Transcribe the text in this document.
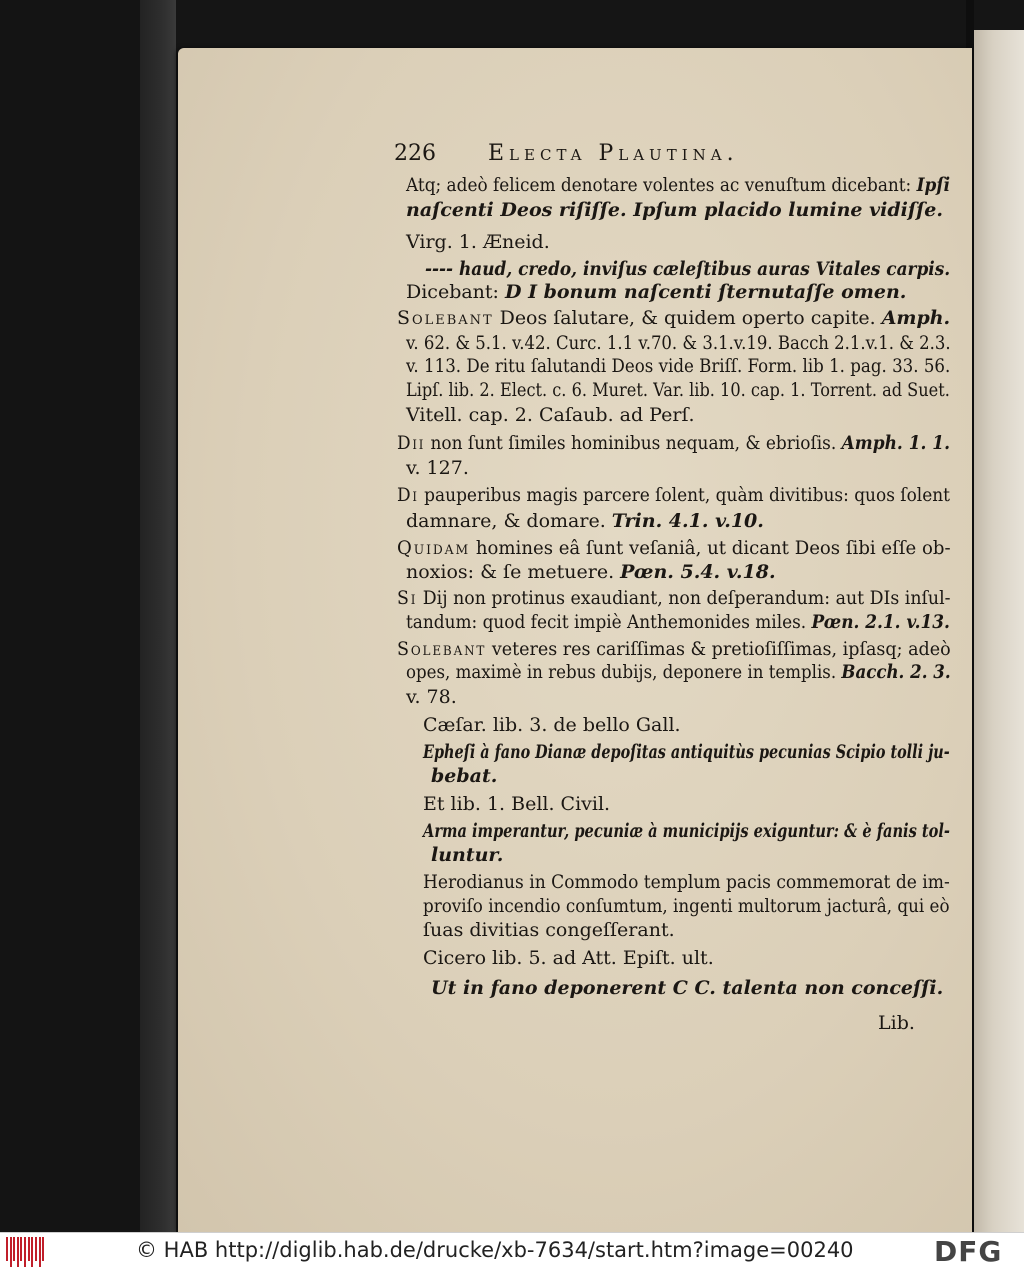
226 Electa Plautina.
Atq; adeò felicem denotare volentes ac venuſtum dicebant: Ipſi
naſcenti Deos riſiſſe. Ipſum placido lumine vidiſſe.
Virg. 1. Æneid.
---- haud, credo, inviſus cæleſtibus auras Vitales carpis.
Dicebant: D I bonum naſcenti ſternutaſſe omen.
Solebant Deos ſalutare, & quidem operto capite. Amph.
v. 62. & 5.1. v.42. Curc. 1.1 v.70. & 3.1.v.19. Bacch 2.1.v.1. & 2.3.
v. 113. De ritu ſalutandi Deos vide Briſſ. Form. lib 1. pag. 33. 56.
Lipſ. lib. 2. Elect. c. 6. Muret. Var. lib. 10. cap. 1. Torrent. ad Suet.
Vitell. cap. 2. Caſaub. ad Perſ.
Dii non ſunt ſimiles hominibus nequam, & ebrioſis. Amph. 1. 1.
v. 127.
Di pauperibus magis parcere ſolent, quàm divitibus: quos ſolent
damnare, & domare. Trin. 4.1. v.10.
Quidam homines eâ ſunt veſaniâ, ut dicant Deos ſibi eſſe ob-
noxios: & ſe metuere. Pœn. 5.4. v.18.
Si Dij non protinus exaudiant, non deſperandum: aut DIs inſul-
tandum: quod fecit impiè Anthemonides miles. Pœn. 2.1. v.13.
Solebant veteres res cariſſimas & pretioſiſſimas, ipſasq; adeò
opes, maximè in rebus dubijs, deponere in templis. Bacch. 2. 3.
v. 78.
Cæſar. lib. 3. de bello Gall.
Epheſi à fano Dianæ depoſitas antiquitùs pecunias Scipio tolli ju-
bebat.
Et lib. 1. Bell. Civil.
Arma imperantur, pecuniæ à municipijs exiguntur: & è fanis tol-
luntur.
Herodianus in Commodo templum pacis commemorat de im-
proviſo incendio conſumtum, ingenti multorum jacturâ, qui eò
ſuas divitias congeſſerant.
Cicero lib. 5. ad Att. Epiſt. ult.
Ut in fano deponerent C C. talenta non conceſſi.
Lib.
© HAB http://diglib.hab.de/drucke/xb-7634/start.htm?image=00240	DFG
